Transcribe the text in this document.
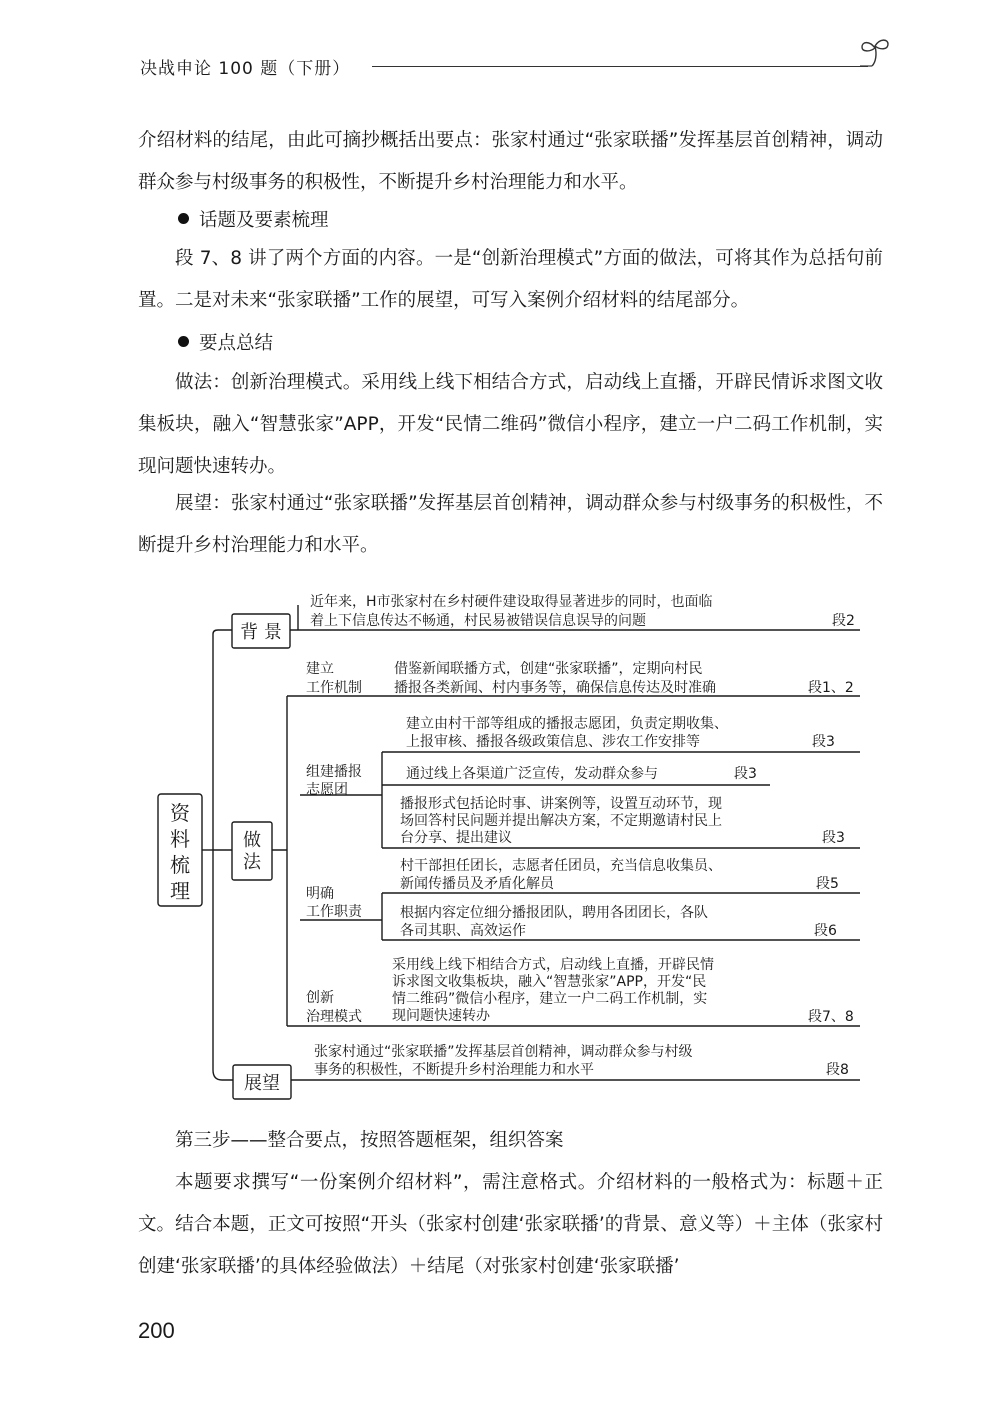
决战申论 100 题（下册）

介绍材料的结尾，由此可摘抄概括出要点：张家村通过“张家联播”发挥基层首创精神，调动群众参与村级事务的积极性，不断提升乡村治理能力和水平。

话题及要素梳理

段 7、8 讲了两个方面的内容。一是“创新治理模式”方面的做法，可将其作为总括句前置。二是对未来“张家联播”工作的展望，可写入案例介绍材料的结尾部分。

要点总结

做法：创新治理模式。采用线上线下相结合方式，启动线上直播，开辟民情诉求图文收集板块，融入“智慧张家”APP，开发“民情二维码”微信小程序，建立一户二码工作机制，实现问题快速转办。

展望：张家村通过“张家联播”发挥基层首创精神，调动群众参与村级事务的积极性，不断提升乡村治理能力和水平。

资
料
梳
理
背 景
近年来，H市张家村在乡村硬件建设取得显著进步的同时，也面临
着上下信息传达不畅通，村民易被错误信息误导的问题	段2
做
法
建立
工作机制
借鉴新闻联播方式，创建“张家联播”，定期向村民
播报各类新闻、村内事务等，确保信息传达及时准确	段1、2
组建播报
志愿团
建立由村干部等组成的播报志愿团，负责定期收集、
上报审核、播报各级政策信息、涉农工作安排等	段3
通过线上各渠道广泛宣传，发动群众参与	段3
播报形式包括论时事、讲案例等，设置互动环节，现
场回答村民问题并提出解决方案，不定期邀请村民上
台分享、提出建议	段3
明确
工作职责
村干部担任团长，志愿者任团员，充当信息收集员、
新闻传播员及矛盾化解员	段5
根据内容定位细分播报团队，聘用各团团长，各队
各司其职、高效运作	段6
创新
治理模式
采用线上线下相结合方式，启动线上直播，开辟民情
诉求图文收集板块，融入“智慧张家”APP，开发“民
情二维码”微信小程序，建立一户二码工作机制，实
现问题快速转办	段7、8
展望
张家村通过“张家联播”发挥基层首创精神，调动群众参与村级
事务的积极性，不断提升乡村治理能力和水平	段8

第三步——整合要点，按照答题框架，组织答案

本题要求撰写“一份案例介绍材料”，需注意格式。介绍材料的一般格式为：标题＋正文。结合本题，正文可按照“开头（张家村创建‘张家联播’的背景、意义等）＋主体（张家村创建‘张家联播’的具体经验做法）＋结尾（对张家村创建‘张家联播’

200
